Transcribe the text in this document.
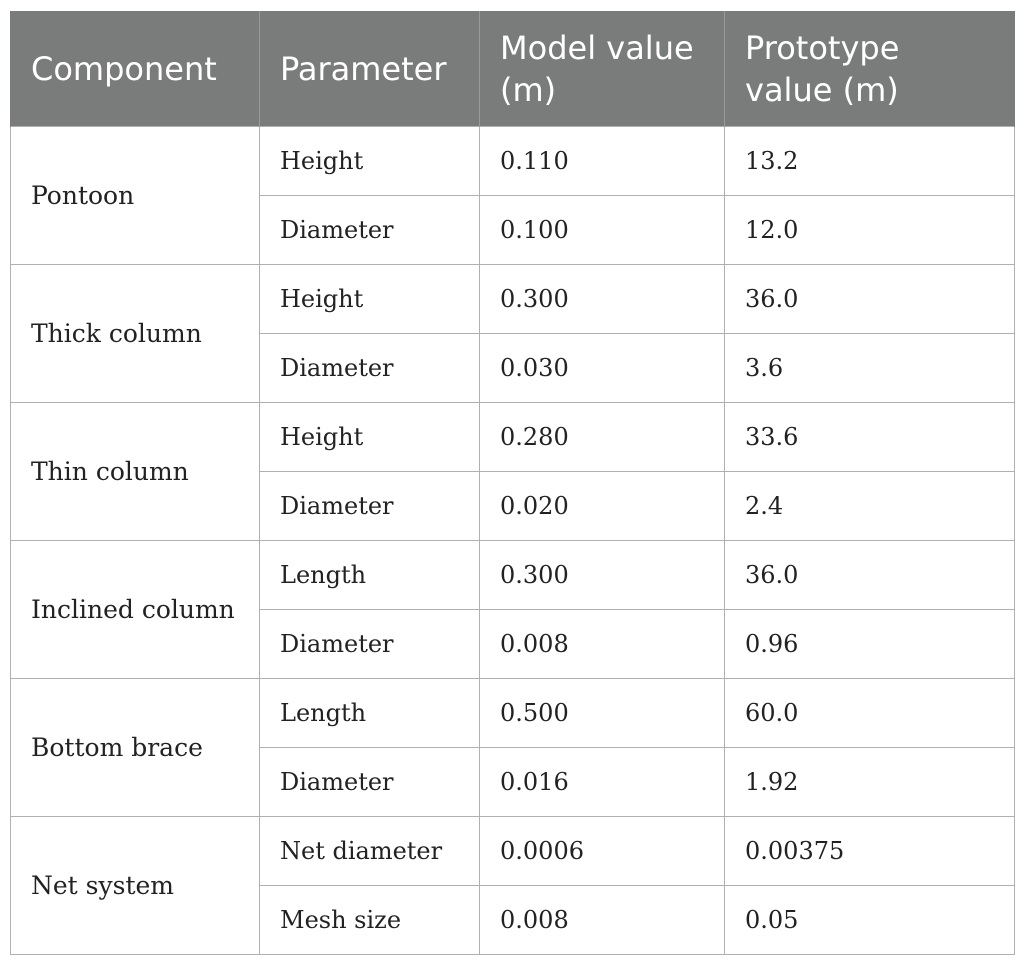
Component	Parameter	Model value (m)	Prototype value (m)
Pontoon	Height	0.110	13.2
	Diameter	0.100	12.0
Thick column	Height	0.300	36.0
	Diameter	0.030	3.6
Thin column	Height	0.280	33.6
	Diameter	0.020	2.4
Inclined column	Length	0.300	36.0
	Diameter	0.008	0.96
Bottom brace	Length	0.500	60.0
	Diameter	0.016	1.92
Net system	Net diameter	0.0006	0.00375
	Mesh size	0.008	0.05
